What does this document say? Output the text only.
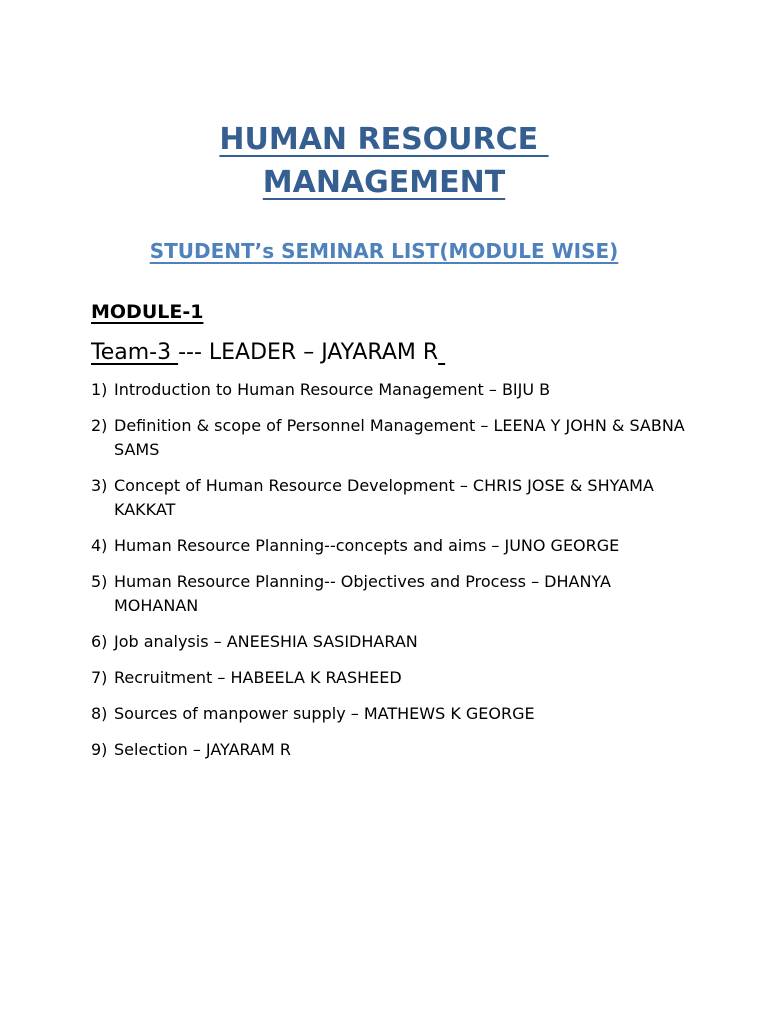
HUMAN RESOURCE
MANAGEMENT
STUDENT’s SEMINAR LIST(MODULE WISE)
MODULE-1

Team-3 --- LEADER – JAYARAM R

1) Introduction to Human Resource Management – BIJU B
2) Definition & scope of Personnel Management – LEENA Y JOHN & SABNA SAMS
3) Concept of Human Resource Development – CHRIS JOSE & SHYAMA KAKKAT
4) Human Resource Planning--concepts and aims – JUNO GEORGE
5) Human Resource Planning-- Objectives and Process – DHANYA MOHANAN
6) Job analysis – ANEESHIA SASIDHARAN
7) Recruitment – HABEELA K RASHEED
8) Sources of manpower supply – MATHEWS K GEORGE
9) Selection – JAYARAM R
